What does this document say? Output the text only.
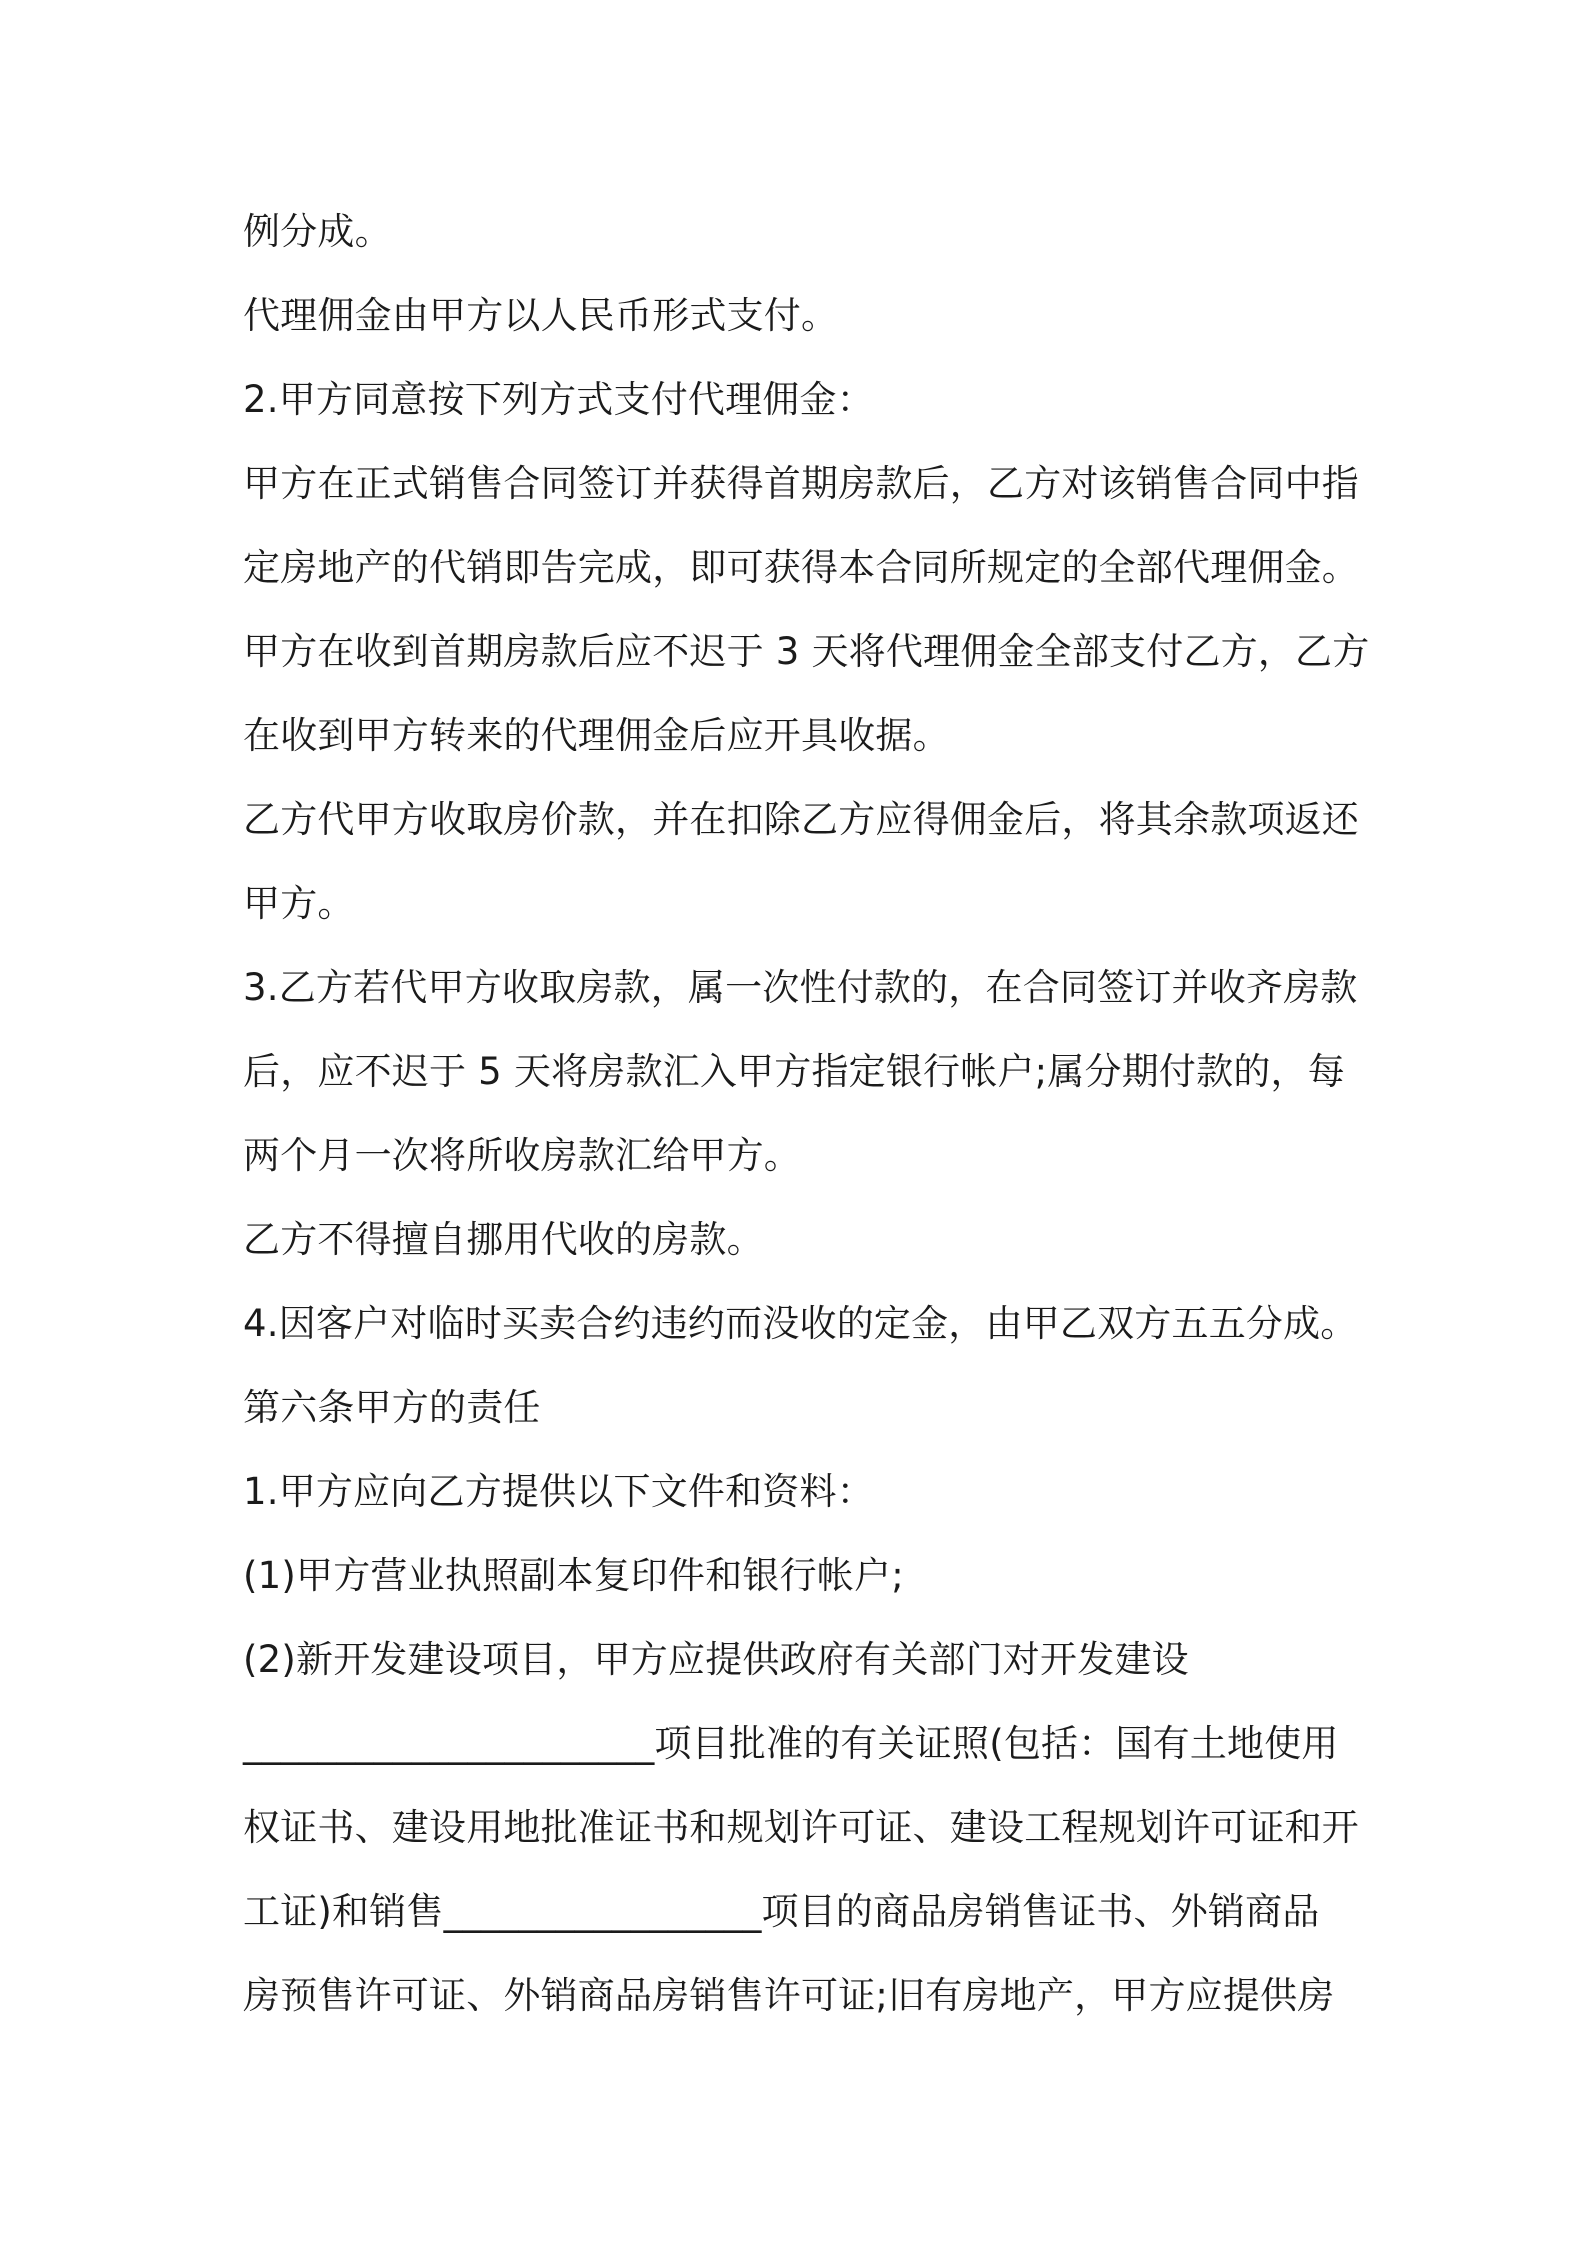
例分成。
代理佣金由甲方以人民币形式支付。
2.甲方同意按下列方式支付代理佣金：
甲方在正式销售合同签订并获得首期房款后，乙方对该销售合同中指
定房地产的代销即告完成，即可获得本合同所规定的全部代理佣金。
甲方在收到首期房款后应不迟于 3 天将代理佣金全部支付乙方，乙方
在收到甲方转来的代理佣金后应开具收据。
乙方代甲方收取房价款，并在扣除乙方应得佣金后，将其余款项返还
甲方。
3.乙方若代甲方收取房款，属一次性付款的，在合同签订并收齐房款
后，应不迟于 5 天将房款汇入甲方指定银行帐户;属分期付款的，每
两个月一次将所收房款汇给甲方。
乙方不得擅自挪用代收的房款。
4.因客户对临时买卖合约违约而没收的定金，由甲乙双方五五分成。
第六条甲方的责任
1.甲方应向乙方提供以下文件和资料：
(1)甲方营业执照副本复印件和银行帐户;
(2)新开发建设项目，甲方应提供政府有关部门对开发建设
______________________项目批准的有关证照(包括：国有土地使用
权证书、建设用地批准证书和规划许可证、建设工程规划许可证和开
工证)和销售_________________项目的商品房销售证书、外销商品
房预售许可证、外销商品房销售许可证;旧有房地产，甲方应提供房
